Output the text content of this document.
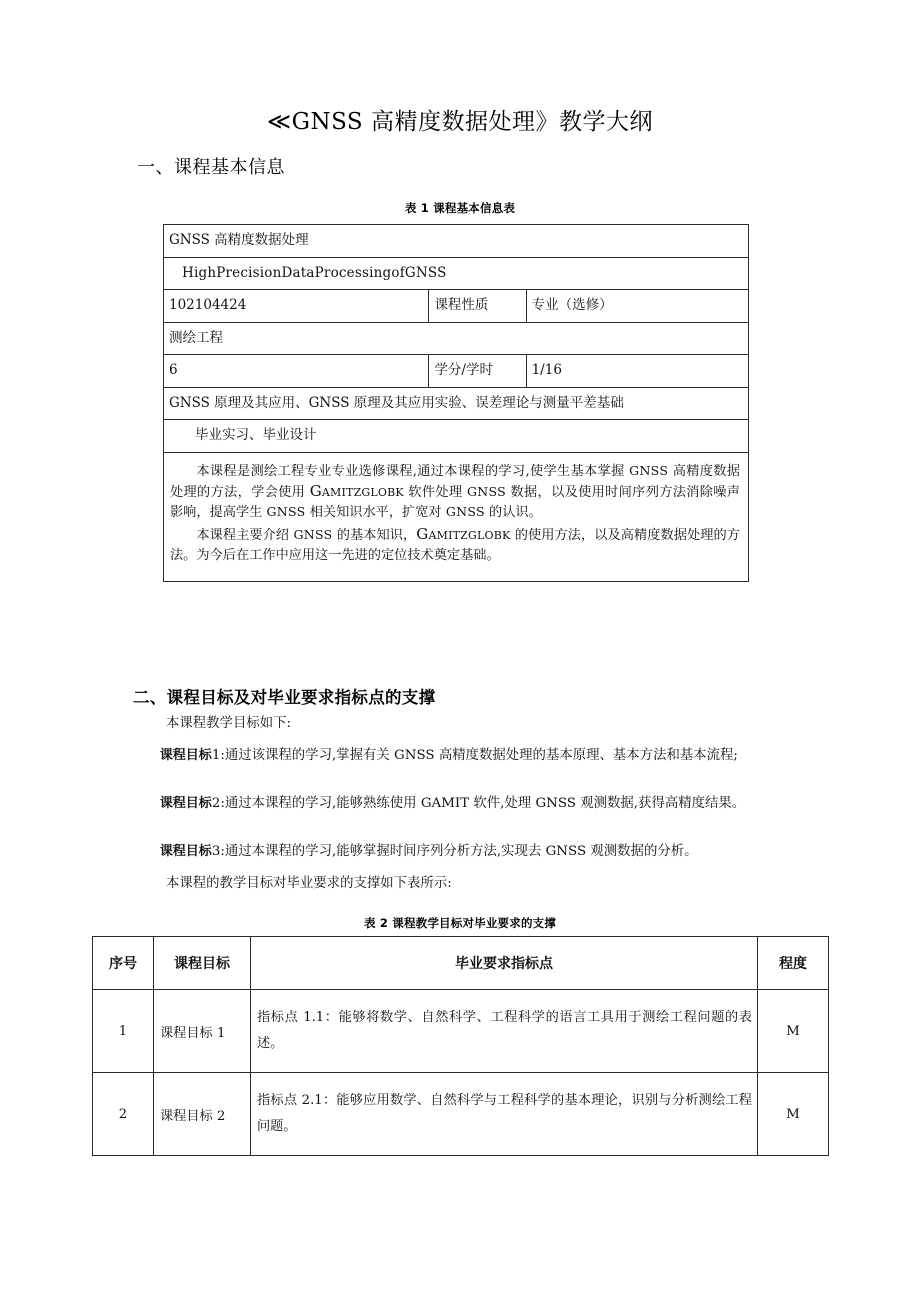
≪GNSS 高精度数据处理》教学大纲
一、课程基本信息
表 1 课程基本信息表
GNSS 高精度数据处理		
HighPrecisionDataProcessingofGNSS		
102104424	课程性质	专业（选修）
测绘工程		
6	学分/学时	1/16
GNSS 原理及其应用、GNSS 原理及其应用实验、误差理论与测量平差基础		
毕业实习、毕业设计		

本课程是测绘工程专业专业选修课程,通过本课程的学习,使学生基本掌握 GNSS 高精度数据处理的方法，学会使用 Gamitzglobk 软件处理 GNSS 数据，以及使用时间序列方法消除噪声影响，提高学生 GNSS 相关知识水平，扩宽对 GNSS 的认识。

本课程主要介绍 GNSS 的基本知识，Gamitzglobk 的使用方法，以及高精度数据处理的方法。为今后在工作中应用这一先进的定位技术奠定基础。		

二、课程目标及对毕业要求指标点的支撑
本课程教学目标如下:
课程目标1:通过该课程的学习,掌握有关 GNSS 高精度数据处理的基本原理、基本方法和基本流程;
课程目标2:通过本课程的学习,能够熟练使用 GAMIT 软件,处理 GNSS 观测数据,获得高精度结果。
课程目标3:通过本课程的学习,能够掌握时间序列分析方法,实现去 GNSS 观测数据的分析。
本课程的教学目标对毕业要求的支撑如下表所示:
表 2 课程教学目标对毕业要求的支撑
序号	课程目标	毕业要求指标点	程度
1	课程目标 1	指标点 1.1：能够将数学、自然科学、工程科学的语言工具用于测绘工程问题的表述。	M
2	课程目标 2	指标点 2.1：能够应用数学、自然科学与工程科学的基本理论，识别与分析测绘工程问题。	M
